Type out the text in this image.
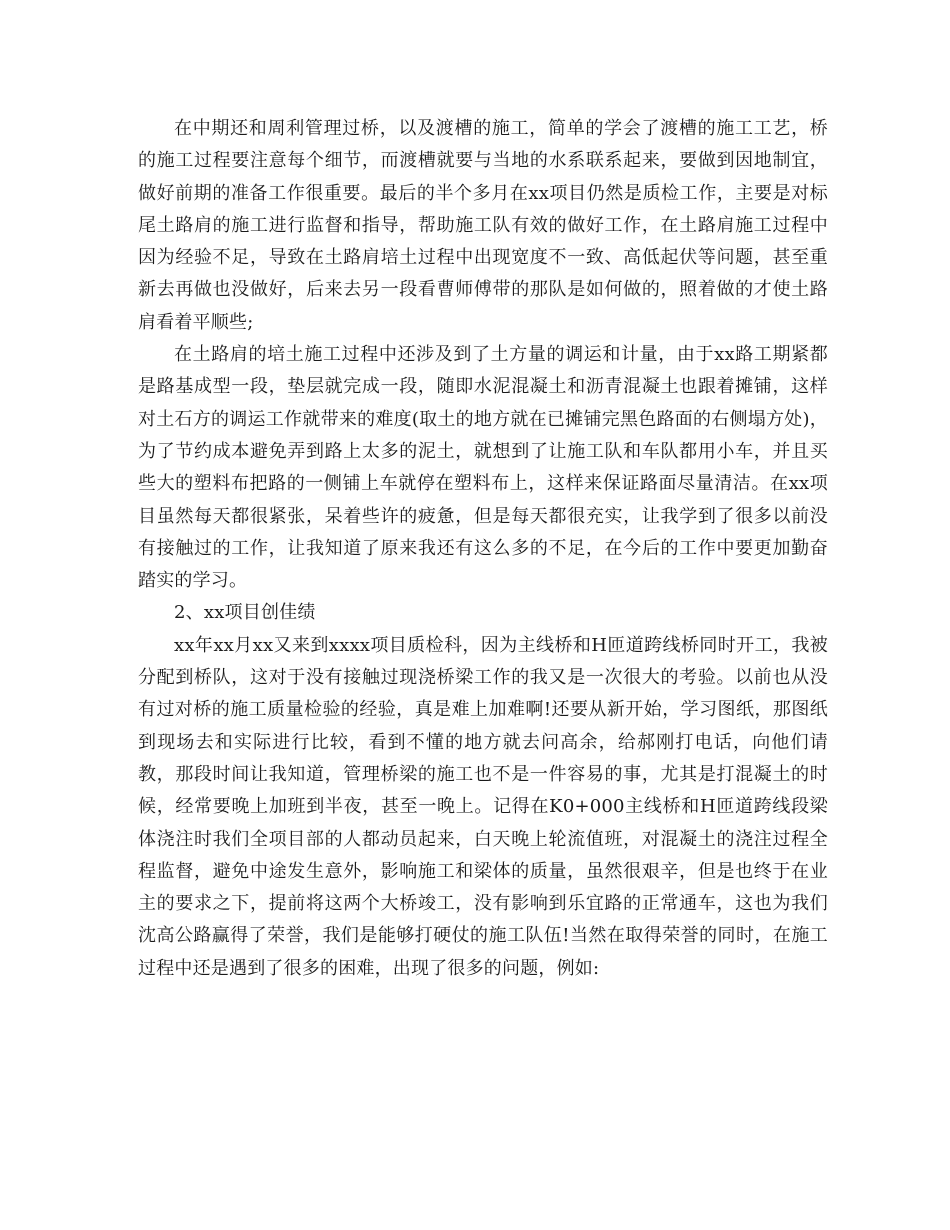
在中期还和周利管理过桥，以及渡槽的施工，简单的学会了渡槽的施工工艺，桥的施工过程要注意每个细节，而渡槽就要与当地的水系联系起来，要做到因地制宜，做好前期的准备工作很重要。最后的半个多月在xx项目仍然是质检工作，主要是对标尾土路肩的施工进行监督和指导，帮助施工队有效的做好工作，在土路肩施工过程中因为经验不足，导致在土路肩培土过程中出现宽度不一致、高低起伏等问题，甚至重新去再做也没做好，后来去另一段看曹师傅带的那队是如何做的，照着做的才使土路肩看着平顺些;

在土路肩的培土施工过程中还涉及到了土方量的调运和计量，由于xx路工期紧都是路基成型一段，垫层就完成一段，随即水泥混凝土和沥青混凝土也跟着摊铺，这样对土石方的调运工作就带来的难度(取土的地方就在已摊铺完黑色路面的右侧塌方处)，为了节约成本避免弄到路上太多的泥土，就想到了让施工队和车队都用小车，并且买些大的塑料布把路的一侧铺上车就停在塑料布上，这样来保证路面尽量清洁。在xx项目虽然每天都很紧张，呆着些许的疲惫，但是每天都很充实，让我学到了很多以前没有接触过的工作，让我知道了原来我还有这么多的不足，在今后的工作中要更加勤奋踏实的学习。

2、xx项目创佳绩

xx年xx月xx又来到xxxx项目质检科，因为主线桥和H匝道跨线桥同时开工，我被分配到桥队，这对于没有接触过现浇桥梁工作的我又是一次很大的考验。以前也从没有过对桥的施工质量检验的经验，真是难上加难啊!还要从新开始，学习图纸，那图纸到现场去和实际进行比较，看到不懂的地方就去问高余，给郝刚打电话，向他们请教，那段时间让我知道，管理桥梁的施工也不是一件容易的事，尤其是打混凝土的时候，经常要晚上加班到半夜，甚至一晚上。记得在K0+000主线桥和H匝道跨线段梁体浇注时我们全项目部的人都动员起来，白天晚上轮流值班，对混凝土的浇注过程全程监督，避免中途发生意外，影响施工和梁体的质量，虽然很艰辛，但是也终于在业主的要求之下，提前将这两个大桥竣工，没有影响到乐宜路的正常通车，这也为我们沈高公路赢得了荣誉，我们是能够打硬仗的施工队伍!当然在取得荣誉的同时，在施工过程中还是遇到了很多的困难，出现了很多的问题，例如:
